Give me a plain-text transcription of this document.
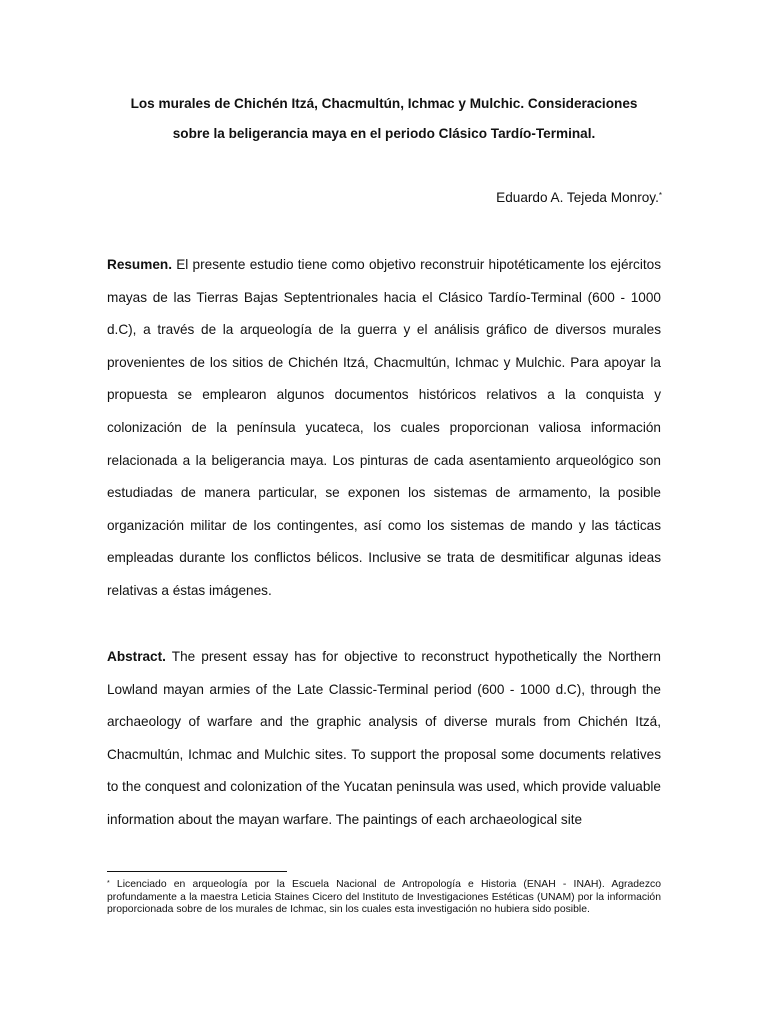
Los murales de Chichén Itzá, Chacmultún, Ichmac y Mulchic. Consideraciones
sobre la beligerancia maya en el periodo Clásico Tardío-Terminal.

Eduardo A. Tejeda Monroy.*

Resumen. El presente estudio tiene como objetivo reconstruir hipotéticamente los ejércitos mayas de las Tierras Bajas Septentrionales hacia el Clásico Tardío-Terminal (600 - 1000 d.C), a través de la arqueología de la guerra y el análisis gráfico de diversos murales provenientes de los sitios de Chichén Itzá, Chacmultún, Ichmac y Mulchic. Para apoyar la propuesta se emplearon algunos documentos históricos relativos a la conquista y colonización de la península yucateca, los cuales proporcionan valiosa información relacionada a la beligerancia maya. Los pinturas de cada asentamiento arqueológico son estudiadas de manera particular, se exponen los sistemas de armamento, la posible organización militar de los contingentes, así como los sistemas de mando y las tácticas empleadas durante los conflictos bélicos. Inclusive se trata de desmitificar algunas ideas relativas a éstas imágenes.

Abstract. The present essay has for objective to reconstruct hypothetically the Northern Lowland mayan armies of the Late Classic-Terminal period (600 - 1000 d.C), through the archaeology of warfare and the graphic analysis of diverse murals from Chichén Itzá, Chacmultún, Ichmac and Mulchic sites. To support the proposal some documents relatives to the conquest and colonization of the Yucatan peninsula was used, which provide valuable information about the mayan warfare. The paintings of each archaeological site

* Licenciado en arqueología por la Escuela Nacional de Antropología e Historia (ENAH - INAH). Agradezco profundamente a la maestra Leticia Staines Cicero del Instituto de Investigaciones Estéticas (UNAM) por la información proporcionada sobre de los murales de Ichmac, sin los cuales esta investigación no hubiera sido posible.
